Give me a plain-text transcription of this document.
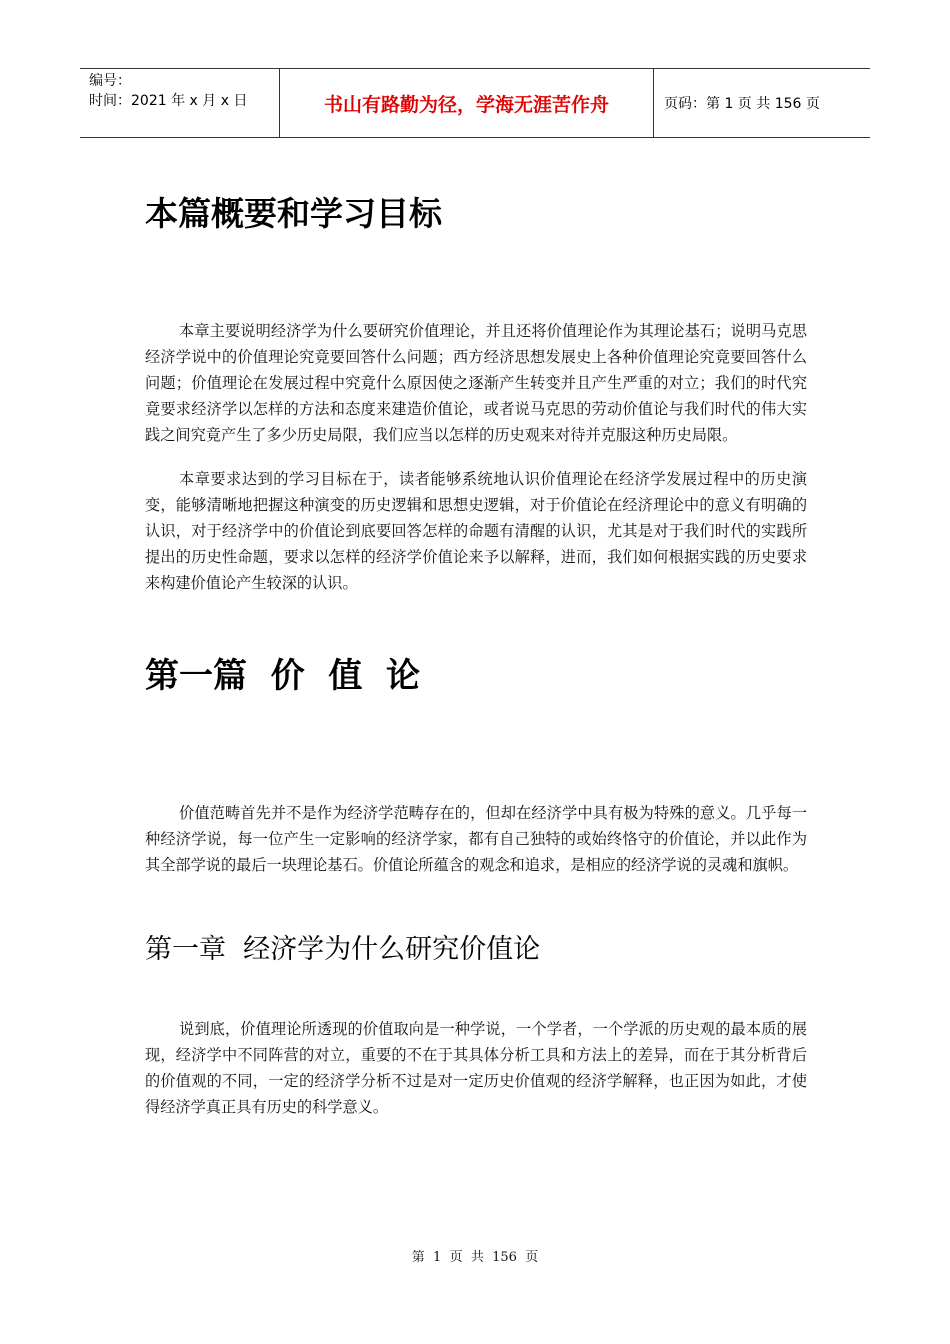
编号：
时间：2021 年 x 月 x 日	书山有路勤为径，学海无涯苦作舟	页码：第 1 页 共 156 页
本篇概要和学习目标

本章主要说明经济学为什么要研究价值理论，并且还将价值理论作为其理论基石；说明马克思经济学说中的价值理论究竟要回答什么问题；西方经济思想发展史上各种价值理论究竟要回答什么问题；价值理论在发展过程中究竟什么原因使之逐渐产生转变并且产生严重的对立；我们的时代究竟要求经济学以怎样的方法和态度来建造价值论，或者说马克思的劳动价值论与我们时代的伟大实践之间究竟产生了多少历史局限，我们应当以怎样的历史观来对待并克服这种历史局限。

本章要求达到的学习目标在于，读者能够系统地认识价值理论在经济学发展过程中的历史演变，能够清晰地把握这种演变的历史逻辑和思想史逻辑，对于价值论在经济理论中的意义有明确的认识，对于经济学中的价值论到底要回答怎样的命题有清醒的认识，尤其是对于我们时代的实践所提出的历史性命题，要求以怎样的经济学价值论来予以解释，进而，我们如何根据实践的历史要求来构建价值论产生较深的认识。

第一篇  价  值  论

价值范畴首先并不是作为经济学范畴存在的，但却在经济学中具有极为特殊的意义。几乎每一种经济学说，每一位产生一定影响的经济学家，都有自己独特的或始终恪守的价值论，并以此作为其全部学说的最后一块理论基石。价值论所蕴含的观念和追求，是相应的经济学说的灵魂和旗帜。

第一章  经济学为什么研究价值论

说到底，价值理论所透现的价值取向是一种学说，一个学者，一个学派的历史观的最本质的展现，经济学中不同阵营的对立，重要的不在于其具体分析工具和方法上的差异，而在于其分析背后的价值观的不同，一定的经济学分析不过是对一定历史价值观的经济学解释，也正因为如此，才使得经济学真正具有历史的科学意义。

第  1  页  共  156  页
